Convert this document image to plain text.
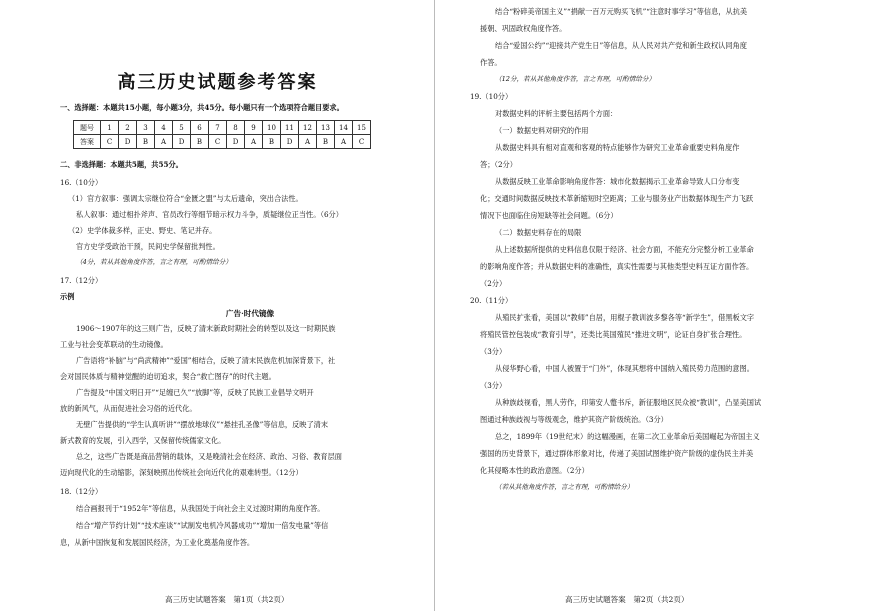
高三历史试题参考答案
一、选择题：本题共15小题，每小题3分，共45分。每小题只有一个选项符合题目要求。
题号	1	2	3	4	5	6	7	8	9	10	11	12	13	14	15
答案	C	D	B	A	D	B	C	D	A	B	D	A	B	A	C
二、非选择题：本题共5题，共55分。
16.（10分）
（1）官方叙事：强调太宗继位符合“金匮之盟”与太后遗命，突出合法性。
私人叙事：通过相扑斧声、官员改行等细节暗示权力斗争，质疑继位正当性。（6分）
（2）史学体裁多样，正史、野史、笔记并存。
官方史学受政治干预，民间史学保留批判性。
（4分，若从其他角度作答，言之有理，可酌情给分）
17.（12分）
示例
广告·时代镜像
1906～1907年的这三则广告，反映了清末新政时期社会的转型以及这一时期民族
工业与社会变革联动的生动镜像。
广告语将“补脑”与“尚武精神”“爱国”相结合，反映了清末民族危机加深背景下，社
会对国民体质与精神觉醒的迫切追求，契合“救亡图存”的时代主题。
广告提及“中国文明日开”“足缠已久”“放脚”等，反映了民族工业倡导文明开
放的新风气，从而促进社会习俗的近代化。
无壁广告提供的“学生认真听讲”“摆放地球仪”“悬挂孔圣像”等信息，反映了清末
新式教育的发展，引入西学，又保留传统儒家文化。
总之，这些广告既是商品营销的载体，又是晚清社会在经济、政治、习俗、教育层面
迈向现代化的生动缩影，深刻映照出传统社会向近代化的艰难转型。（12分）
18.（12分）
结合画报刊于“1952年”等信息，从我国处于向社会主义过渡时期的角度作答。
结合“增产节约计划”“技术座谈”“试制发电机冷风器成功”“增加一倍发电量”等信
息，从新中国恢复和发展国民经济，为工业化奠基角度作答。
高三历史试题答案　第1页（共2页）
结合“粉碎美帝国主义”“捐献一百万元购买飞机”“注意时事学习”等信息，从抗美
援朝、巩固政权角度作答。
结合“爱国公约”“迎接共产党生日”等信息，从人民对共产党和新生政权认同角度
作答。
（12分，若从其他角度作答，言之有理，可酌情给分）
19.（10分）
对数据史料的评析主要包括两个方面：
（一）数据史料对研究的作用
从数据史料具有相对直观和客观的特点能够作为研究工业革命重要史料角度作
答；（2分）
从数据反映工业革命影响角度作答：城市化数据揭示工业革命导致人口分布变
化；交通时间数据反映技术革新缩短时空距离；工业与服务业产出数据体现生产力飞跃
情况下也面临住房短缺等社会问题。（6分）
（二）数据史料存在的局限
从上述数据所提供的史料信息仅限于经济、社会方面，不能充分完整分析工业革命
的影响角度作答；并从数据史料的准确性，真实性需要与其他类型史料互证方面作答。
（2分）
20.（11分）
从殖民扩张看，美国以“教师”自居，用棍子教训波多黎各等“新学生”，借黑板文字
将殖民管控包装成“教育引导”，还类比英国殖民“推进文明”，论证自身扩张合理性。
（3分）
从侵华野心看，中国人被置于“门外”，体现其想将中国纳入殖民势力范围的意图。
（3分）
从种族歧视看，黑人劳作，印第安人蹩书斥，新征服地区民众被“教训”，凸显美国试
图通过种族歧视与等级观念，维护其资产阶级统治。（3分）
总之，1899年（19世纪末）的这幅漫画，在第二次工业革命后美国崛起为帝国主义
强国的历史背景下，通过群体形象对比，传递了美国试图维护资产阶级的虚伪民主并美
化其侵略本性的政治意图。（2分）
（若从其他角度作答，言之有理，可酌情给分）
高三历史试题答案　第2页（共2页）
